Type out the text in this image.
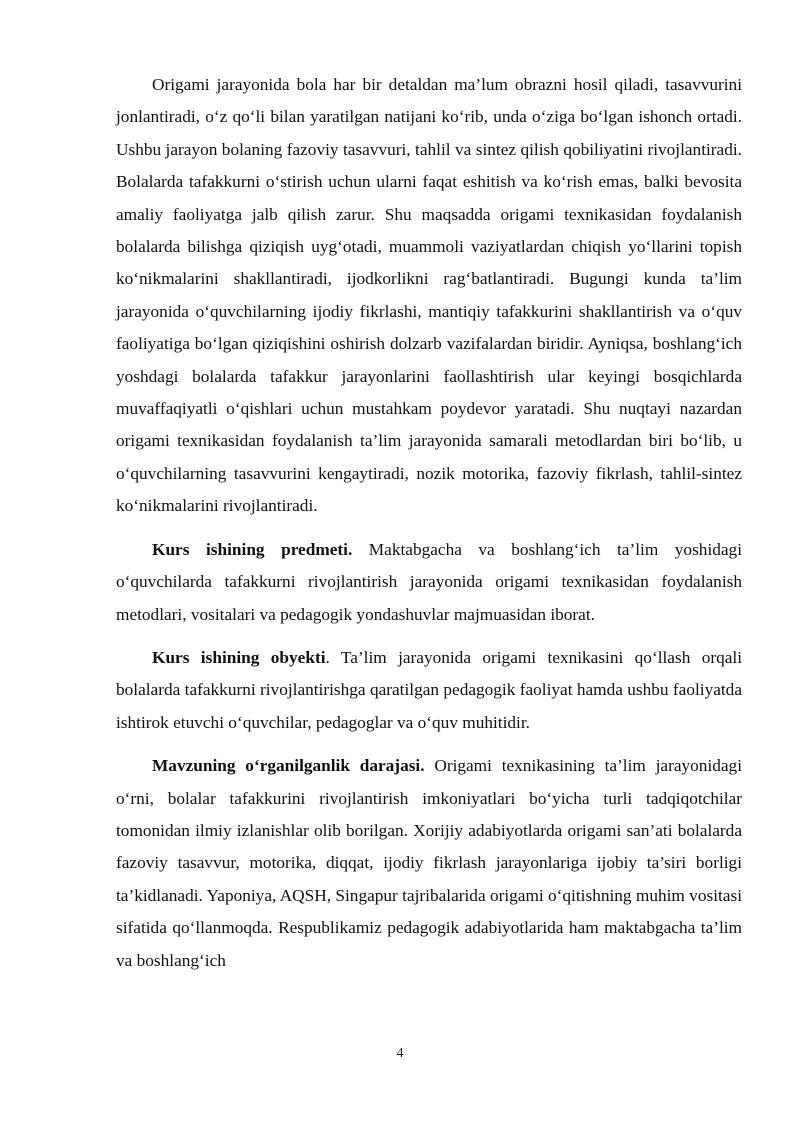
Origami jarayonida bola har bir detaldan ma’lum obrazni hosil qiladi, tasavvurini jonlantiradi, o‘z qo‘li bilan yaratilgan natijani ko‘rib, unda o‘ziga bo‘lgan ishonch ortadi. Ushbu jarayon bolaning fazoviy tasavvuri, tahlil va sintez qilish qobiliyatini rivojlantiradi. Bolalarda tafakkurni o‘stirish uchun ularni faqat eshitish va ko‘rish emas, balki bevosita amaliy faoliyatga jalb qilish zarur. Shu maqsadda origami texnikasidan foydalanish bolalarda bilishga qiziqish uyg‘otadi, muammoli vaziyatlardan chiqish yo‘llarini topish ko‘nikmalarini shakllantiradi, ijodkorlikni rag‘batlantiradi. Bugungi kunda ta’lim jarayonida o‘quvchilarning ijodiy fikrlashi, mantiqiy tafakkurini shakllantirish va o‘quv faoliyatiga bo‘lgan qiziqishini oshirish dolzarb vazifalardan biridir. Ayniqsa, boshlang‘ich yoshdagi bolalarda tafakkur jarayonlarini faollashtirish ular keyingi bosqichlarda muvaffaqiyatli o‘qishlari uchun mustahkam poydevor yaratadi. Shu nuqtayi nazardan origami texnikasidan foydalanish ta’lim jarayonida samarali metodlardan biri bo‘lib, u o‘quvchilarning tasavvurini kengaytiradi, nozik motorika, fazoviy fikrlash, tahlil-sintez ko‘nikmalarini rivojlantiradi.

Kurs ishining predmeti. Maktabgacha va boshlang‘ich ta’lim yoshidagi o‘quvchilarda tafakkurni rivojlantirish jarayonida origami texnikasidan foydalanish metodlari, vositalari va pedagogik yondashuvlar majmuasidan iborat.

Kurs ishining obyekti. Ta’lim jarayonida origami texnikasini qo‘llash orqali bolalarda tafakkurni rivojlantirishga qaratilgan pedagogik faoliyat hamda ushbu faoliyatda ishtirok etuvchi o‘quvchilar, pedagoglar va o‘quv muhitidir.

Mavzuning o‘rganilganlik darajasi. Origami texnikasining ta’lim jarayonidagi o‘rni, bolalar tafakkurini rivojlantirish imkoniyatlari bo‘yicha turli tadqiqotchilar tomonidan ilmiy izlanishlar olib borilgan. Xorijiy adabiyotlarda origami san’ati bolalarda fazoviy tasavvur, motorika, diqqat, ijodiy fikrlash jarayonlariga ijobiy ta’siri borligi ta’kidlanadi. Yaponiya, AQSH, Singapur tajribalarida origami o‘qitishning muhim vositasi sifatida qo‘llanmoqda. Respublikamiz pedagogik adabiyotlarida ham maktabgacha ta’lim va boshlang‘ich

4
